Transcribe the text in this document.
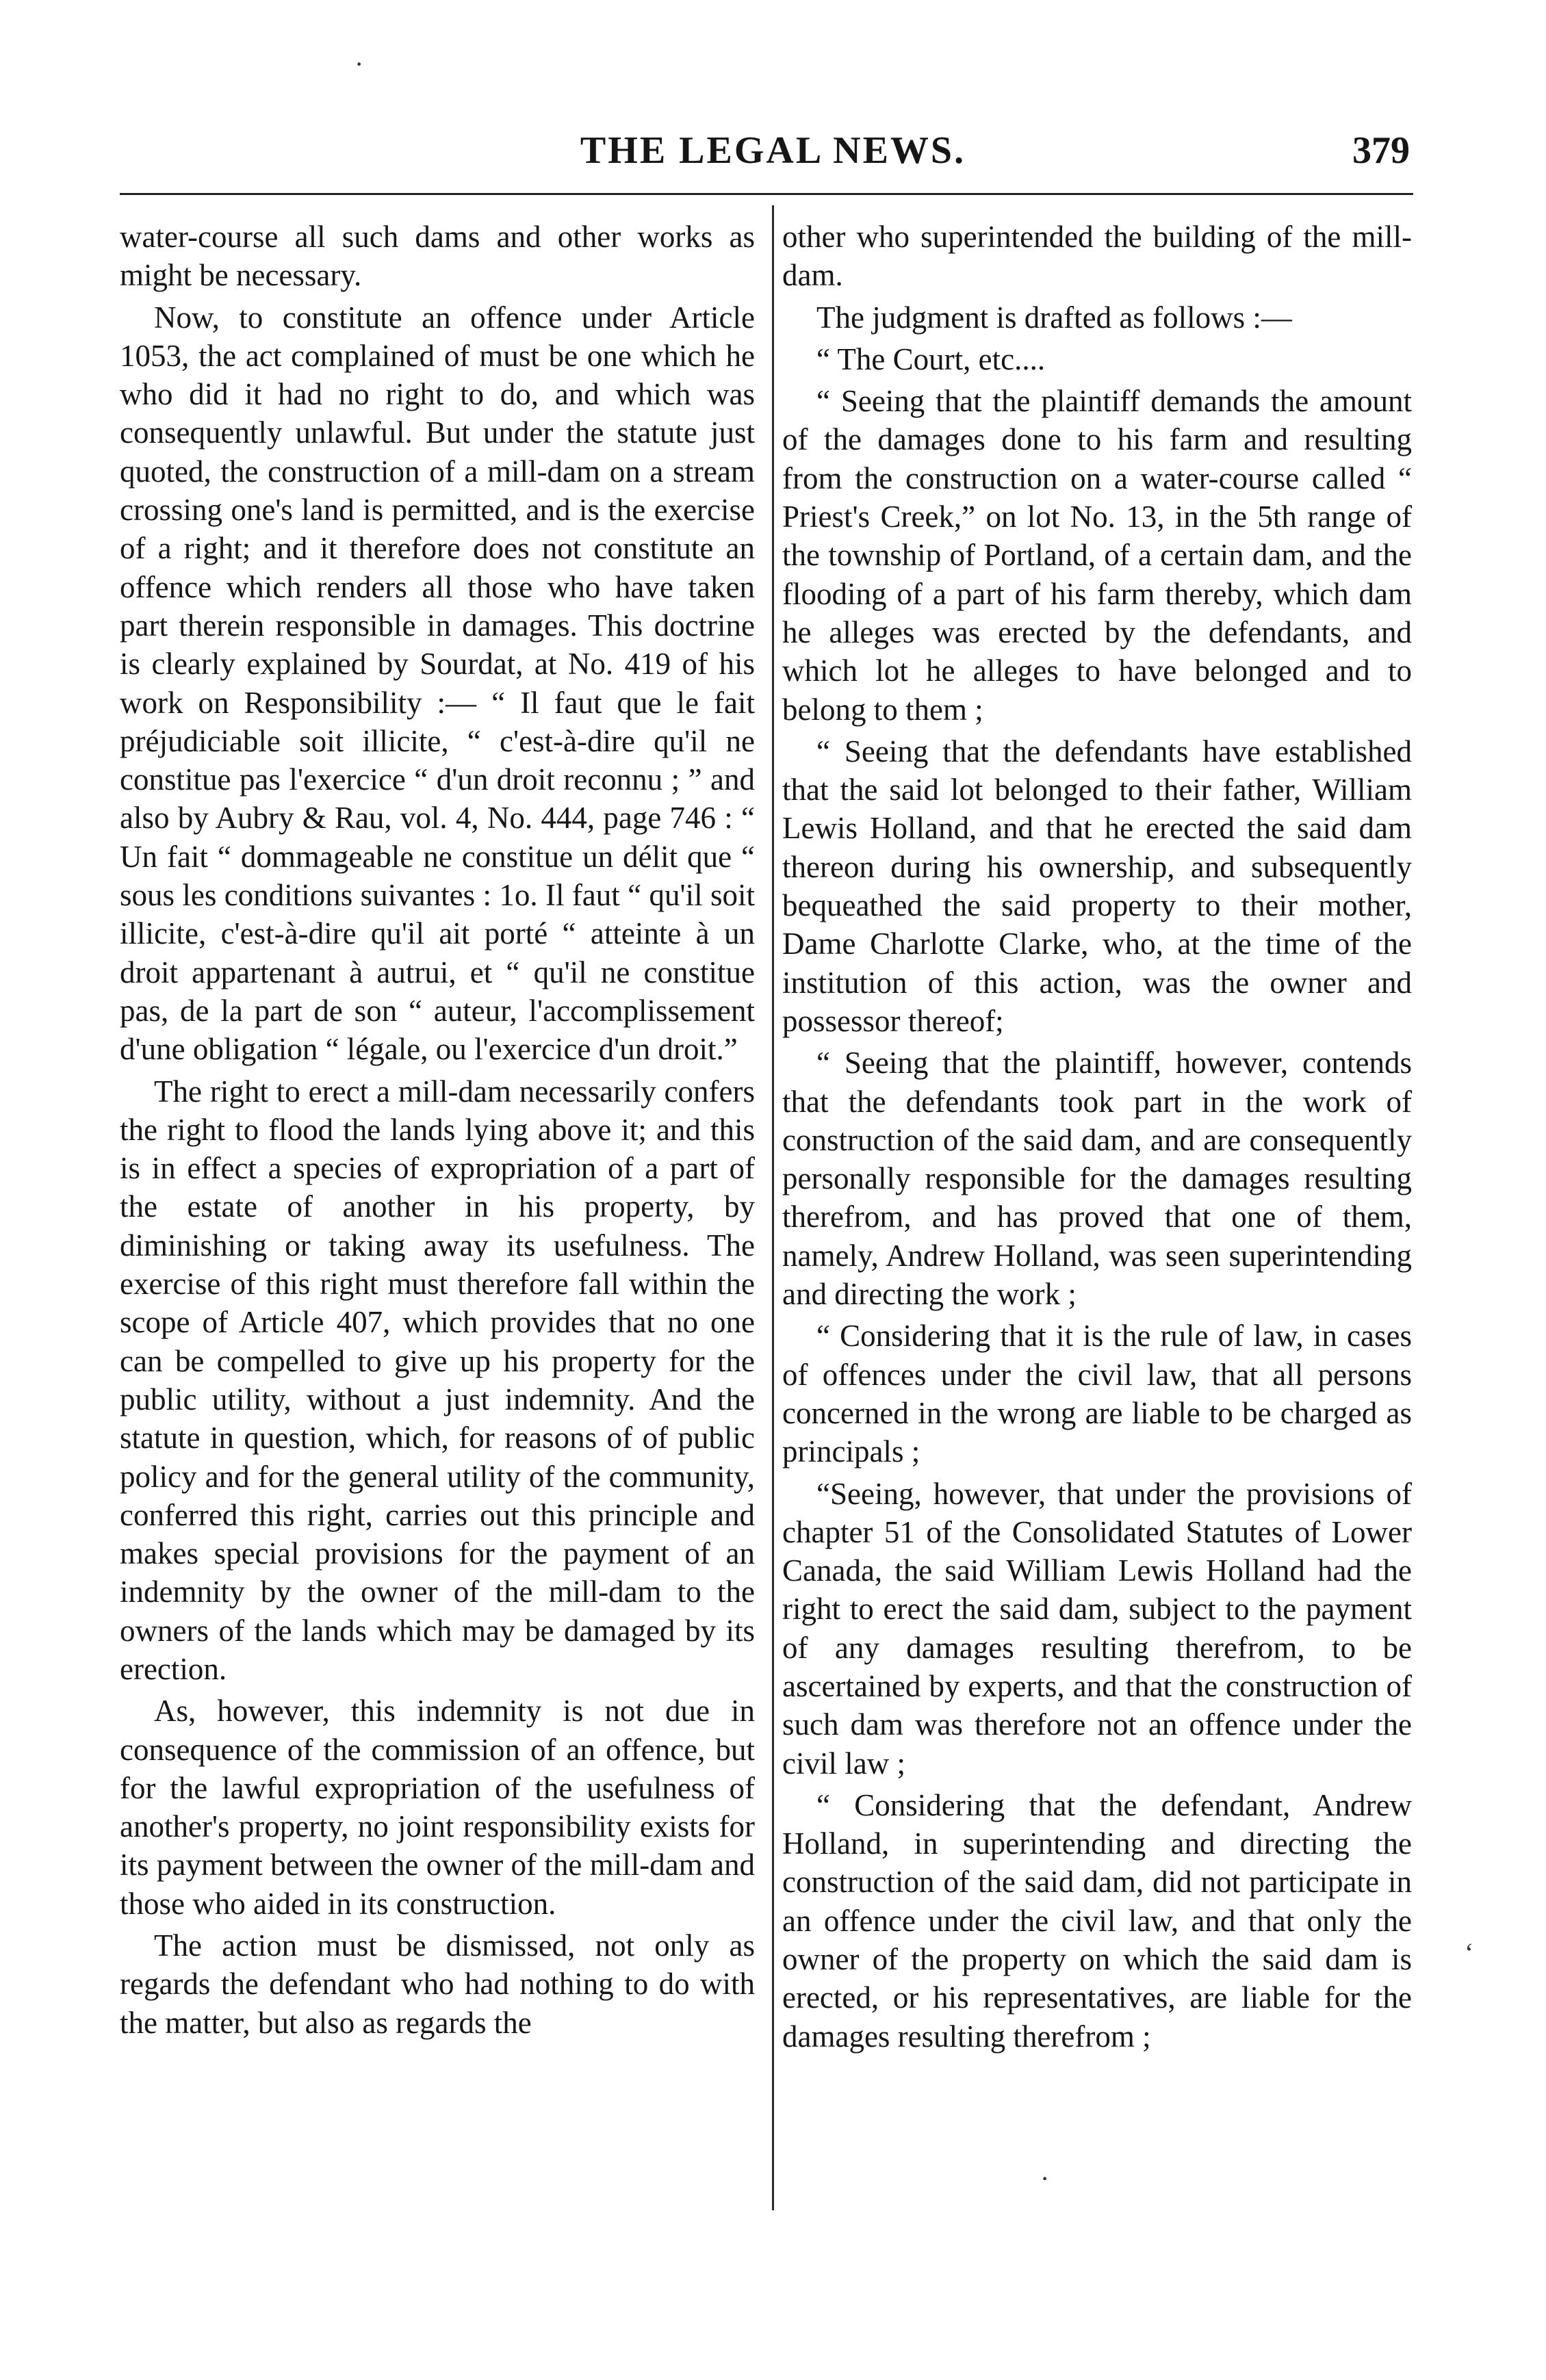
THE LEGAL NEWS.	379

water-course all such dams and other works as might be necessary.

Now, to constitute an offence under Article 1053, the act complained of must be one which he who did it had no right to do, and which was consequently unlawful. But under the statute just quoted, the construction of a mill-dam on a stream crossing one's land is permitted, and is the exercise of a right; and it therefore does not constitute an offence which renders all those who have taken part therein responsible in damages. This doctrine is clearly explained by Sourdat, at No. 419 of his work on Responsibility :— “ Il faut que le fait préjudiciable soit illicite, “ c'est-à-dire qu'il ne constitue pas l'exercice “ d'un droit reconnu ; ” and also by Aubry & Rau, vol. 4, No. 444, page 746 : “ Un fait “ dommageable ne constitue un délit que “ sous les conditions suivantes : 1o. Il faut “ qu'il soit illicite, c'est-à-dire qu'il ait porté “ atteinte à un droit appartenant à autrui, et “ qu'il ne constitue pas, de la part de son “ auteur, l'accomplissement d'une obligation “ légale, ou l'exercice d'un droit.”

The right to erect a mill-dam necessarily confers the right to flood the lands lying above it; and this is in effect a species of expropriation of a part of the estate of another in his property, by diminishing or taking away its usefulness. The exercise of this right must therefore fall within the scope of Article 407, which provides that no one can be compelled to give up his property for the public utility, without a just indemnity. And the statute in question, which, for reasons of of public policy and for the general utility of the community, conferred this right, carries out this principle and makes special provisions for the payment of an indemnity by the owner of the mill-dam to the owners of the lands which may be damaged by its erection.

As, however, this indemnity is not due in consequence of the commission of an offence, but for the lawful expropriation of the usefulness of another's property, no joint responsibility exists for its payment between the owner of the mill-dam and those who aided in its construction.

The action must be dismissed, not only as regards the defendant who had nothing to do with the matter, but also as regards the

other who superintended the building of the mill-dam.

The judgment is drafted as follows :—

“ The Court, etc....

“ Seeing that the plaintiff demands the amount of the damages done to his farm and resulting from the construction on a water-course called “ Priest's Creek,” on lot No. 13, in the 5th range of the township of Portland, of a certain dam, and the flooding of a part of his farm thereby, which dam he alleges was erected by the defendants, and which lot he alleges to have belonged and to belong to them ;

“ Seeing that the defendants have established that the said lot belonged to their father, William Lewis Holland, and that he erected the said dam thereon during his ownership, and subsequently bequeathed the said property to their mother, Dame Charlotte Clarke, who, at the time of the institution of this action, was the owner and possessor thereof;

“ Seeing that the plaintiff, however, contends that the defendants took part in the work of construction of the said dam, and are consequently personally responsible for the damages resulting therefrom, and has proved that one of them, namely, Andrew Holland, was seen superintending and directing the work ;

“ Considering that it is the rule of law, in cases of offences under the civil law, that all persons concerned in the wrong are liable to be charged as principals ;

“Seeing, however, that under the provisions of chapter 51 of the Consolidated Statutes of Lower Canada, the said William Lewis Holland had the right to erect the said dam, subject to the payment of any damages resulting therefrom, to be ascertained by experts, and that the construction of such dam was therefore not an offence under the civil law ;

“ Considering that the defendant, Andrew Holland, in superintending and directing the construction of the said dam, did not participate in an offence under the civil law, and that only the owner of the property on which the said dam is erected, or his representatives, are liable for the damages resulting therefrom ;

·
‘
·
